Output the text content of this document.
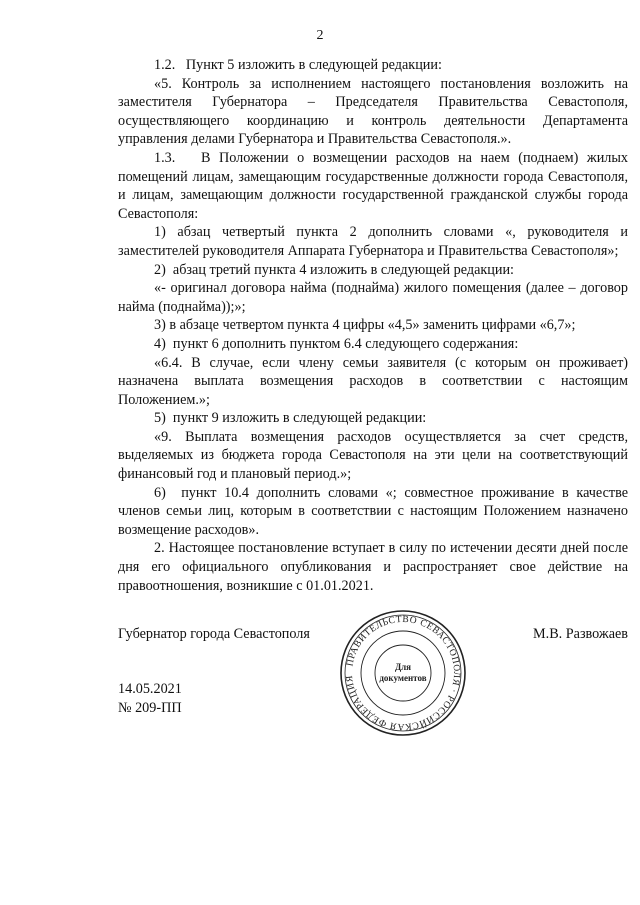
2

1.2.   Пункт 5 изложить в следующей редакции:

«5. Контроль за исполнением настоящего постановления возложить на заместителя Губернатора – Председателя Правительства Севастополя, осуществляющего координацию и контроль деятельности Департамента управления делами Губернатора и Правительства Севастополя.».

1.3.   В Положении о возмещении расходов на наем (поднаем) жилых помещений лицам, замещающим государственные должности города Севастополя, и лицам, замещающим должности государственной гражданской службы города Севастополя:

1) абзац четвертый пункта 2 дополнить словами «, руководителя и заместителей руководителя Аппарата Губернатора и Правительства Севастополя»;

2)  абзац третий пункта 4 изложить в следующей редакции:

«- оригинал договора найма (поднайма) жилого помещения (далее – договор найма (поднайма));»;

3) в абзаце четвертом пункта 4 цифры «4,5» заменить цифрами «6,7»;

4)  пункт 6 дополнить пунктом 6.4 следующего содержания:

«6.4. В случае, если члену семьи заявителя (с которым он проживает) назначена выплата возмещения расходов в соответствии с настоящим Положением.»;

5)  пункт 9 изложить в следующей редакции:

«9. Выплата возмещения расходов осуществляется за счет средств, выделяемых из бюджета города Севастополя на эти цели на соответствующий финансовый год и плановый период.»;

6)  пункт 10.4 дополнить словами «; совместное проживание в качестве членов семьи лиц, которым в соответствии с настоящим Положением назначено возмещение расходов».

2. Настоящее постановление вступает в силу по истечении десяти дней после дня его официального опубликования и распространяет свое действие на правоотношения, возникшие с 01.01.2021.

Губернатор города Севастополя	М.В. Развожаев
ПРАВИТЕЛЬСТВО СЕВАСТОПОЛЯ · РОССИЙСКАЯ ФЕДЕРАЦИЯ
Для
документов
14.05.2021
№ 209-ПП
